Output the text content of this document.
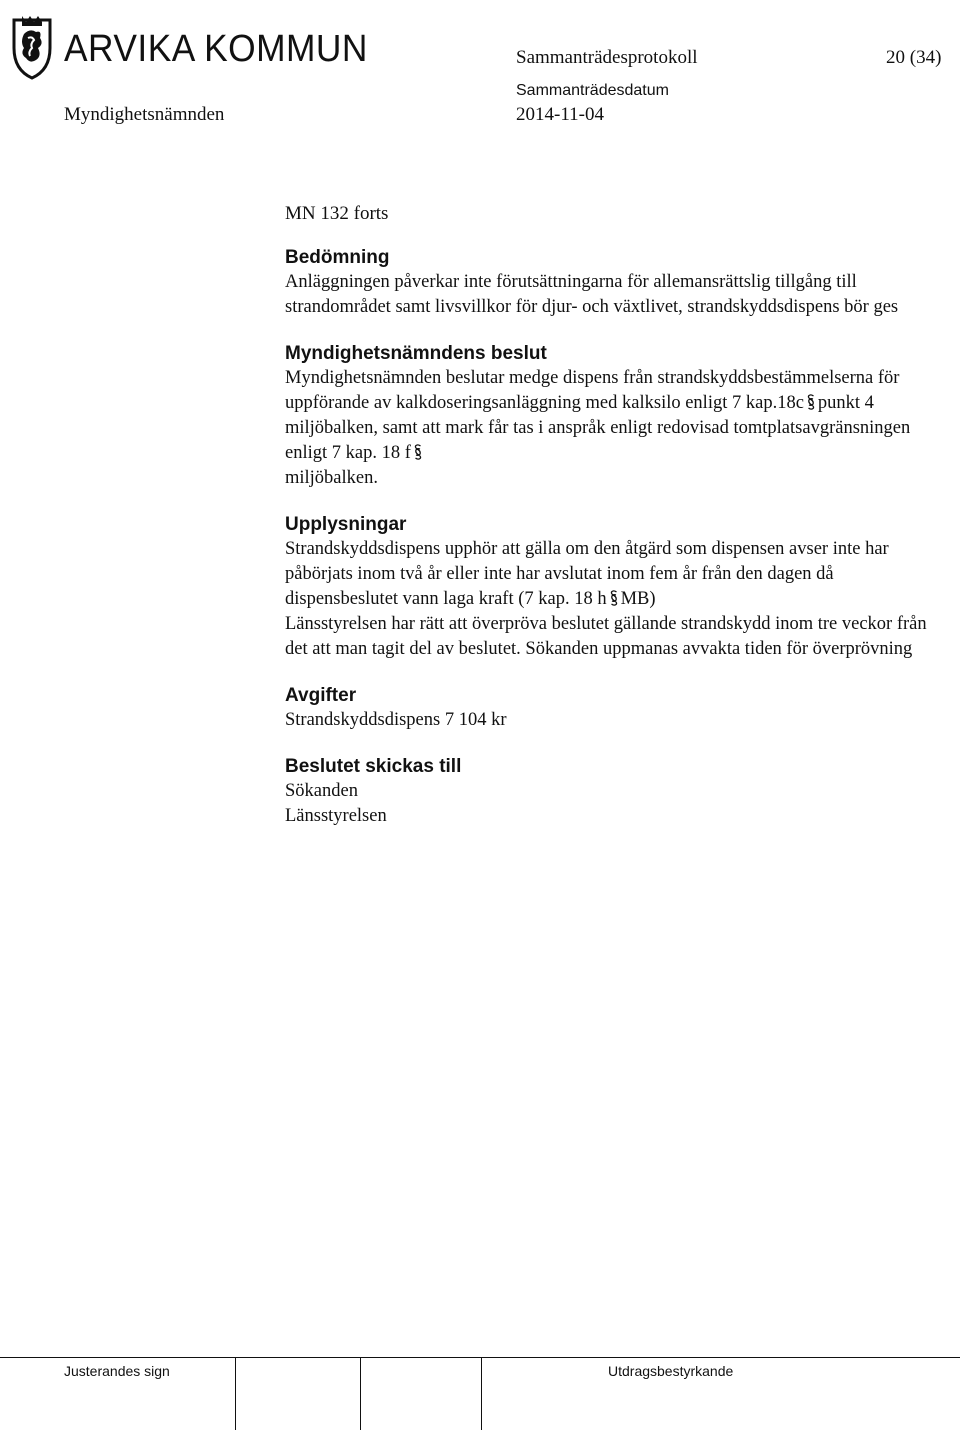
ARVIKA KOMMUN	Sammanträdesprotokoll	20 (34)
Myndighetsnämnden
Sammanträdesdatum
2014-11-04

MN 132 forts

Bedömning

Anläggningen påverkar inte förutsättningarna för allemansrättslig tillgång till strandområdet samt livsvillkor för djur- och växtlivet, strandskyddsdispens bör ges

Myndighetsnämndens beslut

Myndighetsnämnden beslutar medge dispens från strandskyddsbestämmelserna för uppförande av kalkdoseringsanläggning med kalksilo enligt 7 kap.18c punkt 4 miljöbalken, samt att mark får tas i anspråk enligt redovisad tomtplatsavgränsningen enligt 7 kap. 18 f
miljöbalken.

Upplysningar

Strandskyddsdispens upphör att gälla om den åtgärd som dispensen avser inte har påbörjats inom två år eller inte har avslutat inom fem år från den dagen då dispensbeslutet vann laga kraft (7 kap. 18 h MB)

Länsstyrelsen har rätt att överpröva beslutet gällande strandskydd inom tre veckor från det att man tagit del av beslutet. Sökanden uppmanas avvakta tiden för överprövning

Avgifter

Strandskyddsdispens 7 104 kr

Beslutet skickas till

Sökanden

Länsstyrelsen

Justerandes sign	Utdragsbestyrkande
